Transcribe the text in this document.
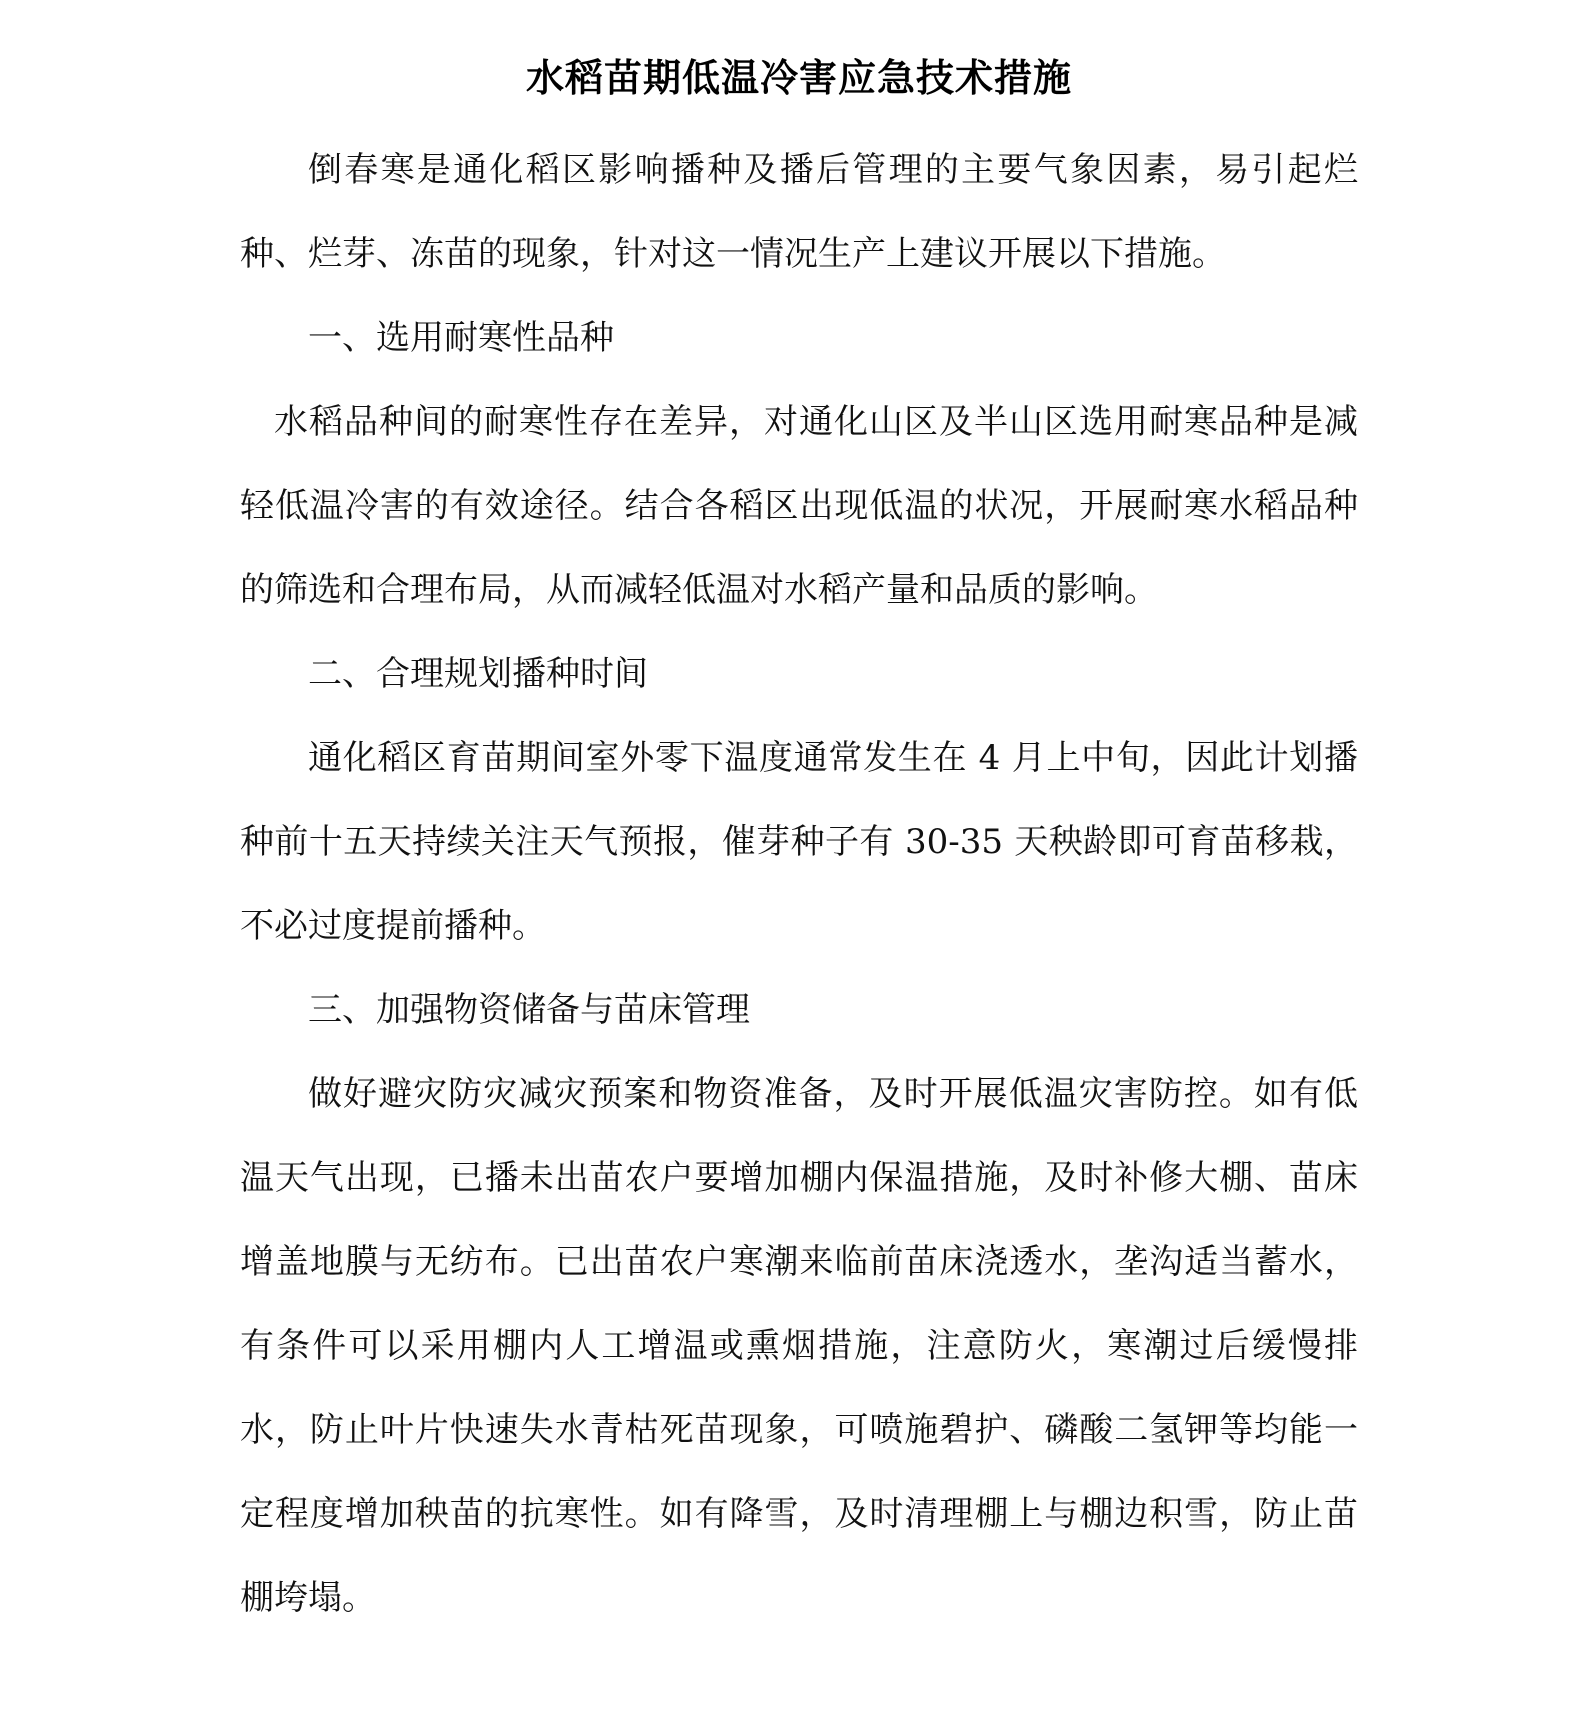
水稻苗期低温冷害应急技术措施

倒春寒是通化稻区影响播种及播后管理的主要气象因素，易引起烂种、烂芽、冻苗的现象，针对这一情况生产上建议开展以下措施。

一、选用耐寒性品种

水稻品种间的耐寒性存在差异，对通化山区及半山区选用耐寒品种是减轻低温冷害的有效途径。结合各稻区出现低温的状况，开展耐寒水稻品种的筛选和合理布局，从而减轻低温对水稻产量和品质的影响。

二、合理规划播种时间

通化稻区育苗期间室外零下温度通常发生在 4 月上中旬，因此计划播种前十五天持续关注天气预报，催芽种子有 30-35 天秧龄即可育苗移栽，不必过度提前播种。

三、加强物资储备与苗床管理

做好避灾防灾减灾预案和物资准备，及时开展低温灾害防控。如有低温天气出现，已播未出苗农户要增加棚内保温措施，及时补修大棚、苗床增盖地膜与无纺布。已出苗农户寒潮来临前苗床浇透水，垄沟适当蓄水，有条件可以采用棚内人工增温或熏烟措施，注意防火，寒潮过后缓慢排水，防止叶片快速失水青枯死苗现象，可喷施碧护、磷酸二氢钾等均能一定程度增加秧苗的抗寒性。如有降雪，及时清理棚上与棚边积雪，防止苗棚垮塌。
